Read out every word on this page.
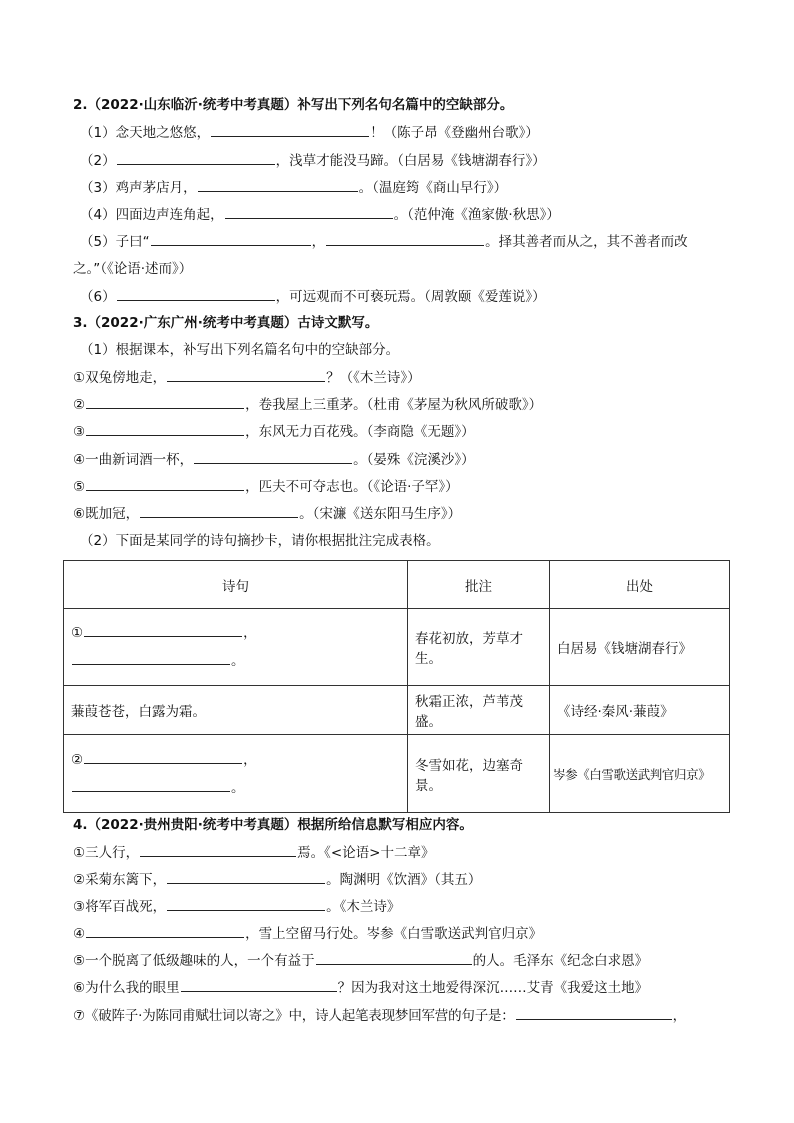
2.（2022·山东临沂·统考中考真题）补写出下列名句名篇中的空缺部分。
（1）念天地之悠悠，	！（陈子昂《登幽州台歌》）
（2）	，浅草才能没马蹄。（白居易《钱塘湖春行》）
（3）鸡声茅店月，	。（温庭筠《商山早行》）
（4）四面边声连角起，	。（范仲淹《渔家傲·秋思》）
（5）子曰“	，	。择其善者而从之，其不善者而改
之。”（《论语·述而》）
（6）	，可远观而不可亵玩焉。（周敦颐《爱莲说》）
3.（2022·广东广州·统考中考真题）古诗文默写。
（1）根据课本，补写出下列名篇名句中的空缺部分。
①双兔傍地走，	？（《木兰诗》）
②	，卷我屋上三重茅。（杜甫《茅屋为秋风所破歌》）
③	，东风无力百花残。（李商隐《无题》）
④一曲新词酒一杯，	。（晏殊《浣溪沙》）
⑤	，匹夫不可夺志也。（《论语·子罕》）
⑥既加冠，	。（宋濂《送东阳马生序》）
（2）下面是某同学的诗句摘抄卡，请你根据批注完成表格。
诗句	批注	出处

① ，
。	春花初放，芳草才生。	白居易《钱塘湖春行》
蒹葭苍苍，白露为霜。	秋霜正浓，芦苇茂盛。	《诗经·秦风·蒹葭》

② ，
。	冬雪如花，边塞奇景。	岑参《白雪歌送武判官归京》
4.（2022·贵州贵阳·统考中考真题）根据所给信息默写相应内容。
①三人行，	焉。《<论语>十二章》
②采菊东篱下，	。陶渊明《饮酒》（其五）
③将军百战死，	。《木兰诗》
④	，雪上空留马行处。岑参《白雪歌送武判官归京》
⑤一个脱离了低级趣味的人，一个有益于	的人。毛泽东《纪念白求恩》
⑥为什么我的眼里	？因为我对这土地爱得深沉……艾青《我爱这土地》
⑦《破阵子·为陈同甫赋壮词以寄之》中，诗人起笔表现梦回军营的句子是：	，
